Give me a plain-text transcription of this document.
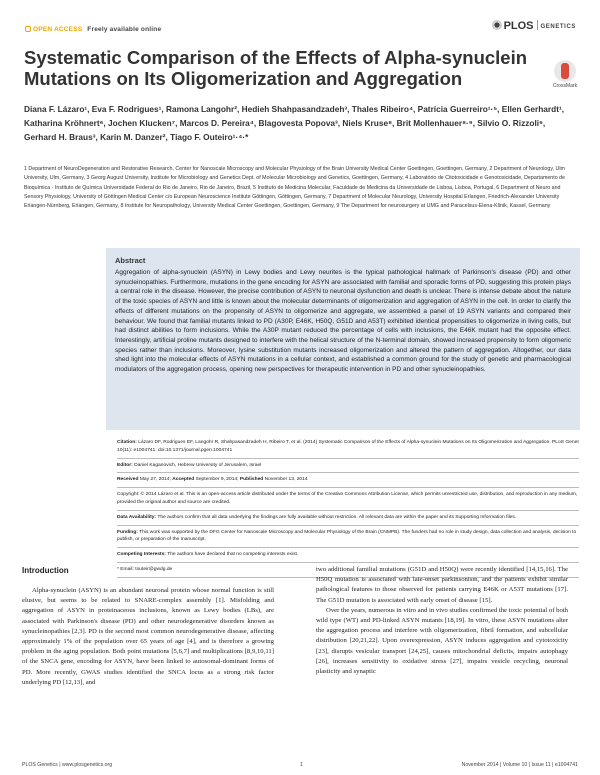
OPEN ACCESS Freely available online	PLOS GENETICS
Systematic Comparison of the Effects of Alpha-synuclein Mutations on Its Oligomerization and Aggregation	CrossMark
Diana F. Lázaro¹, Eva F. Rodrigues¹, Ramona Langohr², Hedieh Shahpasandzadeh³, Thales Ribeiro⁴, Patrícia Guerreiro¹·⁵, Ellen Gerhardt¹, Katharina Kröhnert⁶, Jochen Klucken⁷, Marcos D. Pereira⁴, Blagovesta Popova³, Niels Kruse⁸, Brit Mollenhauer⁸·⁹, Silvio O. Rizzoli⁶, Gerhard H. Braus³, Karin M. Danzer², Tiago F. Outeiro¹·⁴·*
1 Department of NeuroDegeneration and Restorative Research, Center for Nanoscale Microscopy and Molecular Physiology of the Brain University Medical Center Goettingen, Goettingen, Germany, 2 Department of Neurology, Ulm University, Ulm, Germany, 3 Georg August University, Institute for Microbiology and Genetics Dept. of Molecular Microbiology and Genetics, Goettingen, Germany, 4 Laboratório de Citotoxicidade e Genotoxicidade, Departamento de Bioquímica - Instituto de Química Universidade Federal do Rio de Janeiro, Rio de Janeiro, Brazil, 5 Instituto de Medicina Molecular, Faculdade de Medicina da Universidade de Lisboa, Lisboa, Portugal, 6 Department of Neuro and Sensory Physiology, University of Göttingen Medical Center c/o European Neuroscience Institute Göttingen, Göttingen, Germany, 7 Department of Molecular Neurology, University Hospital Erlangen, Friedrich-Alexander University Erlangen-Nürnberg, Erlangen, Germany, 8 Institute for Neuropathology, University Medical Center Goettingen, Goettingen, Germany, 9 The Department for neurosurgery at UMG and Paracelsus-Elena-Klinik, Kassel, Germany
Abstract

Aggregation of alpha-synuclein (ASYN) in Lewy bodies and Lewy neurites is the typical pathological hallmark of Parkinson's disease (PD) and other synucleinopathies. Furthermore, mutations in the gene encoding for ASYN are associated with familial and sporadic forms of PD, suggesting this protein plays a central role in the disease. However, the precise contribution of ASYN to neuronal dysfunction and death is unclear. There is intense debate about the nature of the toxic species of ASYN and little is known about the molecular determinants of oligomerization and aggregation of ASYN in the cell. In order to clarify the effects of different mutations on the propensity of ASYN to oligomerize and aggregate, we assembled a panel of 19 ASYN variants and compared their behaviour. We found that familial mutants linked to PD (A30P, E46K, H50Q, G51D and A53T) exhibited identical propensities to oligomerize in living cells, but had distinct abilities to form inclusions. While the A30P mutant reduced the percentage of cells with inclusions, the E46K mutant had the opposite effect. Interestingly, artificial proline mutants designed to interfere with the helical structure of the N-terminal domain, showed increased propensity to form oligomeric species rather than inclusions. Moreover, lysine substitution mutants increased oligomerization and altered the pattern of aggregation. Altogether, our data shed light into the molecular effects of ASYN mutations in a cellular context, and established a common ground for the study of genetic and pharmacological modulators of the aggregation process, opening new perspectives for therapeutic intervention in PD and other synucleinopathies.

Citation: Lázaro DF, Rodrigues EF, Langohr R, Shahpasandzadeh H, Ribeiro T, et al. (2014) Systematic Comparison of the Effects of Alpha-synuclein Mutations on Its Oligomerization and Aggregation. PLoS Genet 10(11): e1004741. doi:10.1371/journal.pgen.1004741
Editor: Daniel Kaganovich, Hebrew University of Jerusalem, Israel
Received May 27, 2014; Accepted September 9, 2014; Published November 13, 2014
Copyright: © 2014 Lázaro et al. This is an open-access article distributed under the terms of the Creative Commons Attribution License, which permits unrestricted use, distribution, and reproduction in any medium, provided the original author and source are credited.
Data Availability: The authors confirm that all data underlying the findings are fully available without restriction. All relevant data are within the paper and its Supporting Information files.
Funding: This work was supported by the DFG Center for Nanoscale Microscopy and Molecular Physiology of the Brain (CNMPB). The funders had no role in study design, data collection and analysis, decision to publish, or preparation of the manuscript.
Competing Interests: The authors have declared that no competing interests exist.
* Email: touteir@gwdg.de
Introduction

Alpha-synuclein (ASYN) is an abundant neuronal protein whose normal function is still elusive, but seems to be related to SNARE-complex assembly [1]. Misfolding and aggregation of ASYN in proteinaceous inclusions, known as Lewy bodies (LBs), are associated with Parkinson's disease (PD) and other neurodegenerative disorders known as synucleinopathies [2,3]. PD is the second most common neurodegenerative disease, affecting approximately 1% of the population over 65 years of age [4], and is therefore a growing problem in the aging population. Both point mutations [5,6,7] and multiplications [8,9,10,11] of the SNCA gene, encoding for ASYN, have been linked to autosomal-dominant forms of PD. More recently, GWAS studies identified the SNCA locus as a strong risk factor underlying PD [12,13], and

two additional familial mutations (G51D and H50Q) were recently identified [14,15,16]. The H50Q mutation is associated with late-onset parkinsonism, and the patients exhibit similar pathological features to those observed for patients carrying E46K or A53T mutations [17]. The G51D mutation is associated with early onset of disease [15].

Over the years, numerous in vitro and in vivo studies confirmed the toxic potential of both wild type (WT) and PD-linked ASYN mutants [18,19]. In vitro, these ASYN mutations alter the aggregation process and interfere with oligomerization, fibril formation, and subcellular distribution [20,21,22]. Upon overexpression, ASYN induces aggregation and cytotoxicity [23], disrupts vesicular transport [24,25], causes mitochondrial deficits, impairs autophagy [26], increases sensitivity to oxidative stress [27], impairs vesicle recycling, neuronal plasticity and synaptic

PLOS Genetics | www.plosgenetics.org	1	November 2014 | Volume 10 | Issue 11 | e1004741
